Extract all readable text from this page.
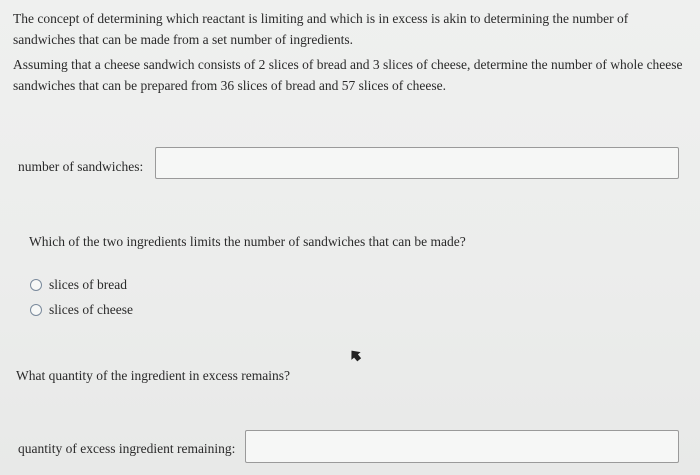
The concept of determining which reactant is limiting and which is in excess is akin to determining the number of sandwiches that can be made from a set number of ingredients.

Assuming that a cheese sandwich consists of 2 slices of bread and 3 slices of cheese, determine the number of whole cheese sandwiches that can be prepared from 36 slices of bread and 57 slices of cheese.

number of sandwiches:
Which of the two ingredients limits the number of sandwiches that can be made?
slices of bread
slices of cheese
What quantity of the ingredient in excess remains?
quantity of excess ingredient remaining:
